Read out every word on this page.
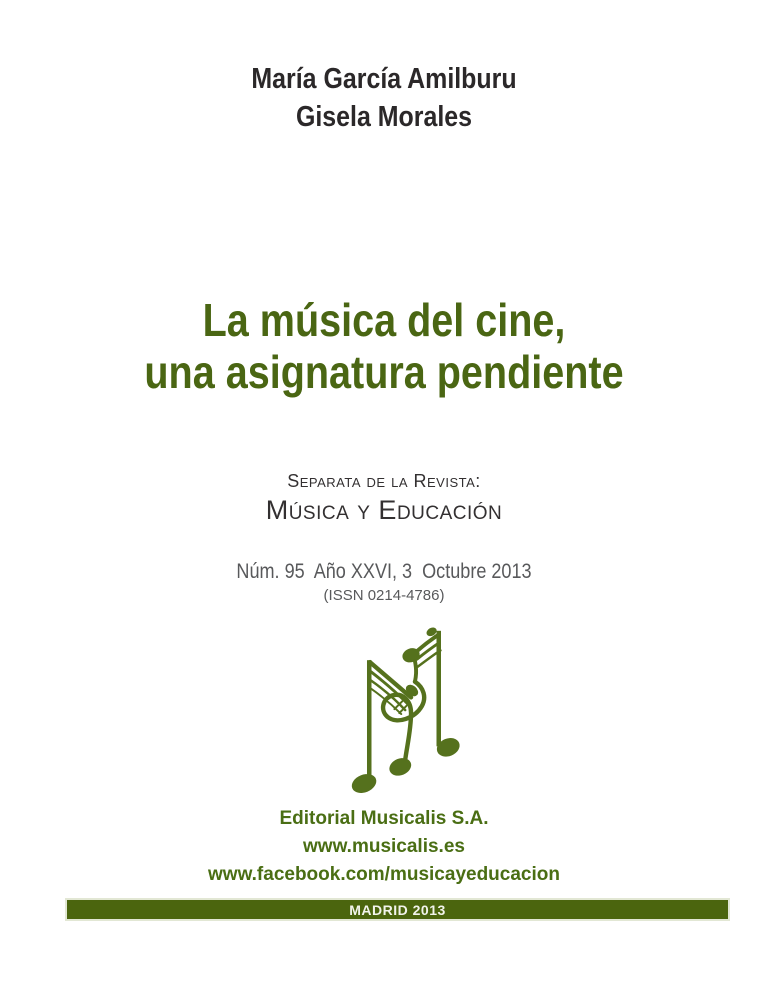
María García Amilburu
Gisela Morales
La música del cine,
una asignatura pendiente
Separata de la Revista:
Música y Educación
Núm. 95  Año XXVI, 3  Octubre 2013
(ISSN 0214-4786)
Editorial Musicalis S.A.
www.musicalis.es
www.facebook.com/musicayeducacion
MADRID 2013
